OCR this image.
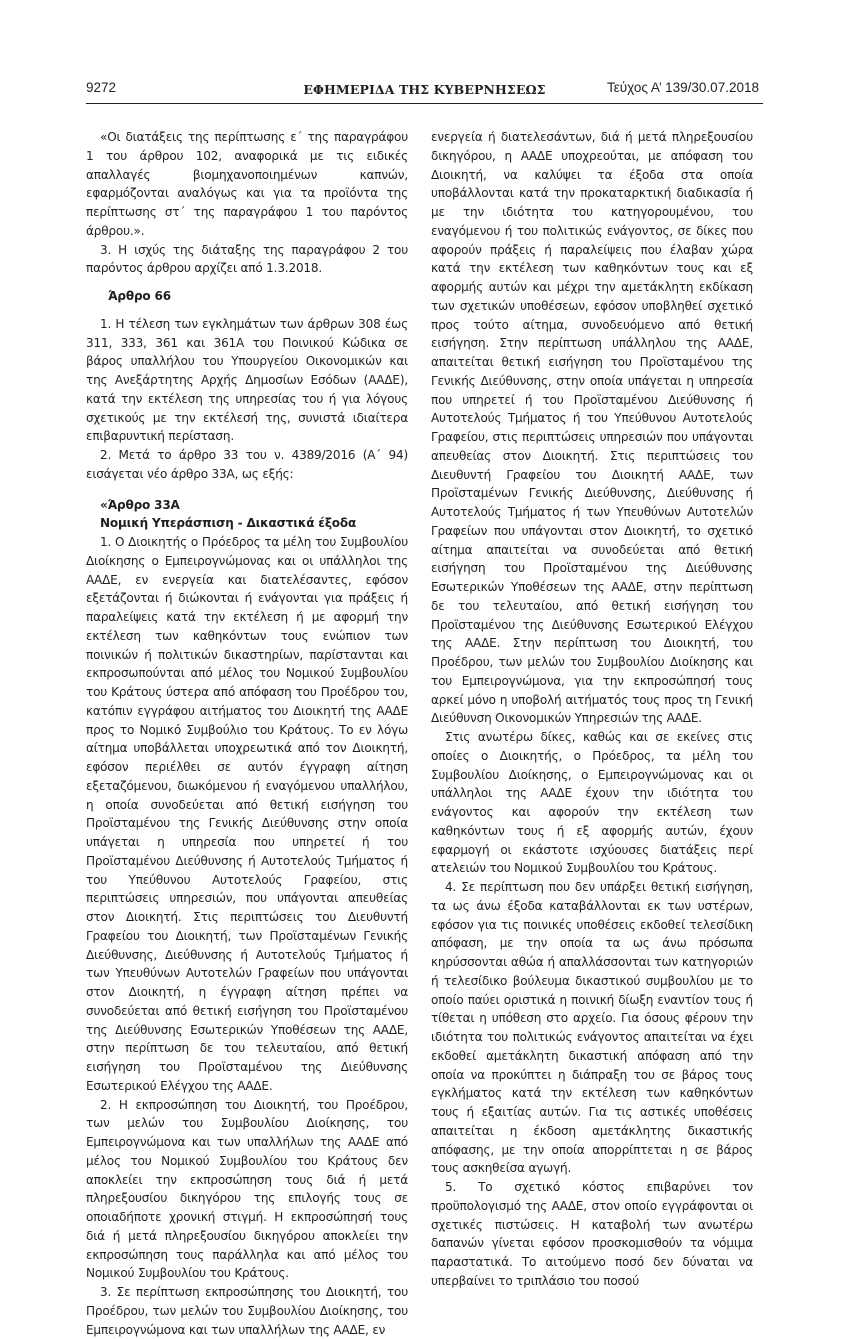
9272	ΕΦΗΜΕΡΙΔΑ ΤΗΣ ΚΥΒΕΡΝΗΣΕΩΣ	Τεύχος Α’ 139/30.07.2018

«Οι διατάξεις της περίπτωσης ε΄ της παραγράφου 1 του άρθρου 102, αναφορικά με τις ειδικές απαλλαγές βιομηχανοποιημένων καπνών, εφαρμόζονται αναλόγως και για τα προϊόντα της περίπτωσης στ΄ της παραγράφου 1 του παρόντος άρθρου.».

3. Η ισχύς της διάταξης της παραγράφου 2 του παρόντος άρθρου αρχίζει από 1.3.2018.

Άρθρο 66

1. Η τέλεση των εγκλημάτων των άρθρων 308 έως 311, 333, 361 και 361Α του Ποινικού Κώδικα σε βάρος υπαλλήλου του Υπουργείου Οικονομικών και της Ανεξάρτητης Αρχής Δημοσίων Εσόδων (ΑΑΔΕ), κατά την εκτέλεση της υπηρεσίας του ή για λόγους σχετικούς με την εκτέλεσή της, συνιστά ιδιαίτερα επιβαρυντική περίσταση.

2. Μετά το άρθρο 33 του ν. 4389/2016 (Α΄ 94) εισάγεται νέο άρθρο 33Α, ως εξής:

«Άρθρο 33Α

Νομική Υπεράσπιση - Δικαστικά έξοδα

1. Ο Διοικητής ο Πρόεδρος τα μέλη του Συμβουλίου Διοίκησης ο Εμπειρογνώμονας και οι υπάλληλοι της ΑΑΔΕ, εν ενεργεία και διατελέσαντες, εφόσον εξετάζονται ή διώκονται ή ενάγονται για πράξεις ή παραλείψεις κατά την εκτέλεση ή με αφορμή την εκτέλεση των καθηκόντων τους ενώπιον των ποινικών ή πολιτικών δικαστηρίων, παρίστανται και εκπροσωπούνται από μέλος του Νομικού Συμβουλίου του Κράτους ύστερα από απόφαση του Προέδρου του, κατόπιν εγγράφου αιτήματος του Διοικητή της ΑΑΔΕ προς το Νομικό Συμβούλιο του Κράτους. Το εν λόγω αίτημα υποβάλλεται υποχρεωτικά από τον Διοικητή, εφόσον περιέλθει σε αυτόν έγγραφη αίτηση εξεταζόμενου, διωκόμενου ή εναγόμενου υπαλλήλου, η οποία συνοδεύεται από θετική εισήγηση του Προϊσταμένου της Γενικής Διεύθυνσης στην οποία υπάγεται η υπηρεσία που υπηρετεί ή του Προϊσταμένου Διεύθυνσης ή Αυτοτελούς Τμήματος ή του Υπεύθυνου Αυτοτελούς Γραφείου, στις περιπτώσεις υπηρεσιών, που υπάγονται απευθείας στον Διοικητή. Στις περιπτώσεις του Διευθυντή Γραφείου του Διοικητή, των Προϊσταμένων Γενικής Διεύθυνσης, Διεύθυνσης ή Αυτοτελούς Τμήματος ή των Υπευθύνων Αυτοτελών Γραφείων που υπάγονται στον Διοικητή, η έγγραφη αίτηση πρέπει να συνοδεύεται από θετική εισήγηση του Προϊσταμένου της Διεύθυνσης Εσωτερικών Υποθέσεων της ΑΑΔΕ, στην περίπτωση δε του τελευταίου, από θετική εισήγηση του Προϊσταμένου της Διεύθυνσης Εσωτερικού Ελέγχου της ΑΑΔΕ.

2. Η εκπροσώπηση του Διοικητή, του Προέδρου, των μελών του Συμβουλίου Διοίκησης, του Εμπειρογνώμονα και των υπαλλήλων της ΑΑΔΕ από μέλος του Νομικού Συμβουλίου του Κράτους δεν αποκλείει την εκπροσώπηση τους διά ή μετά πληρεξουσίου δικηγόρου της επιλογής τους σε οποιαδήποτε χρονική στιγμή. Η εκπροσώπησή τους διά ή μετά πληρεξουσίου δικηγόρου αποκλείει την εκπροσώπηση τους παράλληλα και από μέλος του Νομικού Συμβουλίου του Κράτους.

3. Σε περίπτωση εκπροσώπησης του Διοικητή, του Προέδρου, των μελών του Συμβουλίου Διοίκησης, του Εμπειρογνώμονα και των υπαλλήλων της ΑΑΔΕ, εν

ενεργεία ή διατελεσάντων, διά ή μετά πληρεξουσίου δικηγόρου, η ΑΑΔΕ υποχρεούται, με απόφαση του Διοικητή, να καλύψει τα έξοδα στα οποία υποβάλλονται κατά την προκαταρκτική διαδικασία ή με την ιδιότητα του κατηγορουμένου, του εναγόμενου ή του πολιτικώς ενάγοντος, σε δίκες που αφορούν πράξεις ή παραλείψεις που έλαβαν χώρα κατά την εκτέλεση των καθηκόντων τους και εξ αφορμής αυτών και μέχρι την αμετάκλητη εκδίκαση των σχετικών υποθέσεων, εφόσον υποβληθεί σχετικό προς τούτο αίτημα, συνοδευόμενο από θετική εισήγηση. Στην περίπτωση υπάλληλου της ΑΑΔΕ, απαιτείται θετική εισήγηση του Προϊσταμένου της Γενικής Διεύθυνσης, στην οποία υπάγεται η υπηρεσία που υπηρετεί ή του Προϊσταμένου Διεύθυνσης ή Αυτοτελούς Τμήματος ή του Υπεύθυνου Αυτοτελούς Γραφείου, στις περιπτώσεις υπηρεσιών που υπάγονται απευθείας στον Διοικητή. Στις περιπτώσεις του Διευθυντή Γραφείου του Διοικητή ΑΑΔΕ, των Προϊσταμένων Γενικής Διεύθυνσης, Διεύθυνσης ή Αυτοτελούς Τμήματος ή των Υπευθύνων Αυτοτελών Γραφείων που υπάγονται στον Διοικητή, το σχετικό αίτημα απαιτείται να συνοδεύεται από θετική εισήγηση του Προϊσταμένου της Διεύθυνσης Εσωτερικών Υποθέσεων της ΑΑΔΕ, στην περίπτωση δε του τελευταίου, από θετική εισήγηση του Προϊσταμένου της Διεύθυνσης Εσωτερικού Ελέγχου της ΑΑΔΕ. Στην περίπτωση του Διοικητή, του Προέδρου, των μελών του Συμβουλίου Διοίκησης και του Εμπειρογνώμονα, για την εκπροσώπησή τους αρκεί μόνο η υποβολή αιτήματός τους προς τη Γενική Διεύθυνση Οικονομικών Υπηρεσιών της ΑΑΔΕ.

Στις ανωτέρω δίκες, καθώς και σε εκείνες στις οποίες ο Διοικητής, ο Πρόεδρος, τα μέλη του Συμβουλίου Διοίκησης, ο Εμπειρογνώμονας και οι υπάλληλοι της ΑΑΔΕ έχουν την ιδιότητα του ενάγοντος και αφορούν την εκτέλεση των καθηκόντων τους ή εξ αφορμής αυτών, έχουν εφαρμογή οι εκάστοτε ισχύουσες διατάξεις περί ατελειών του Νομικού Συμβουλίου του Κράτους.

4. Σε περίπτωση που δεν υπάρξει θετική εισήγηση, τα ως άνω έξοδα καταβάλλονται εκ των υστέρων, εφόσον για τις ποινικές υποθέσεις εκδοθεί τελεσίδικη απόφαση, με την οποία τα ως άνω πρόσωπα κηρύσσονται αθώα ή απαλλάσσονται των κατηγοριών ή τελεσίδικο βούλευμα δικαστικού συμβουλίου με το οποίο παύει οριστικά η ποινική δίωξη εναντίον τους ή τίθεται η υπόθεση στο αρχείο. Για όσους φέρουν την ιδιότητα του πολιτικώς ενάγοντος απαιτείται να έχει εκδοθεί αμετάκλητη δικαστική απόφαση από την οποία να προκύπτει η διάπραξη του σε βάρος τους εγκλήματος κατά την εκτέλεση των καθηκόντων τους ή εξαιτίας αυτών. Για τις αστικές υποθέσεις απαιτείται η έκδοση αμετάκλητης δικαστικής απόφασης, με την οποία απορρίπτεται η σε βάρος τους ασκηθείσα αγωγή.

5. Το σχετικό κόστος επιβαρύνει τον προϋπολογισμό της ΑΑΔΕ, στον οποίο εγγράφονται οι σχετικές πιστώσεις. Η καταβολή των ανωτέρω δαπανών γίνεται εφόσον προσκομισθούν τα νόμιμα παραστατικά. Το αιτούμενο ποσό δεν δύναται να υπερβαίνει το τριπλάσιο του ποσού
